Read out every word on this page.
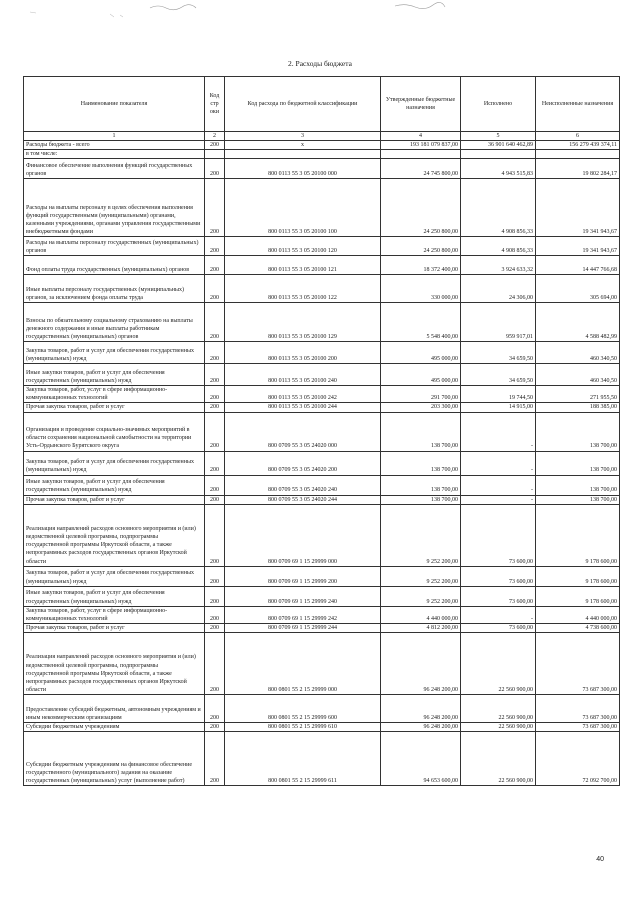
2. Расходы бюджета
Наименование показателя	Код стр оки	Код расхода по бюджетной классификации	Утвержденные бюджетные назначения	Исполнено	Неисполненные назначения
1	2	3	4	5	6
Расходы бюджета - всего	200	x	193 181 079 837,00	36 901 640 462,89	156 279 439 374,11
в том числе:					
Финансовое обеспечение выполнения функций государственных органов	200	800 0113 55 3 05 20100 000	24 745 800,00	4 943 515,83	19 802 284,17
Расходы на выплаты персоналу в целях обеспечения выполнения функций государственными (муниципальными) органами, казенными учреждениями, органами управления государственными внебюджетными фондами	200	800 0113 55 3 05 20100 100	24 250 800,00	4 908 856,33	19 341 943,67
Расходы на выплаты персоналу государственных (муниципальных) органов	200	800 0113 55 3 05 20100 120	24 250 800,00	4 908 856,33	19 341 943,67
Фонд оплаты труда государственных (муниципальных) органов	200	800 0113 55 3 05 20100 121	18 372 400,00	3 924 633,32	14 447 766,68
Иные выплаты персоналу государственных (муниципальных) органов, за исключением фонда оплаты труда	200	800 0113 55 3 05 20100 122	330 000,00	24 306,00	305 694,00
Взносы по обязательному социальному страхованию на выплаты денежного содержания и иные выплаты работникам государственных (муниципальных) органов	200	800 0113 55 3 05 20100 129	5 548 400,00	959 917,01	4 588 482,99
Закупка товаров, работ и услуг для обеспечения государственных (муниципальных) нужд	200	800 0113 55 3 05 20100 200	495 000,00	34 659,50	460 340,50
Иные закупки товаров, работ и услуг для обеспечения государственных (муниципальных) нужд	200	800 0113 55 3 05 20100 240	495 000,00	34 659,50	460 340,50
Закупка товаров, работ, услуг в сфере информационно-коммуникационных технологий	200	800 0113 55 3 05 20100 242	291 700,00	19 744,50	271 955,50
Прочая закупка товаров, работ и услуг	200	800 0113 55 3 05 20100 244	203 300,00	14 915,00	188 385,00
Организация и проведение социально-значимых мероприятий в области сохранения национальной самобытности на территории Усть-Ордынского Бурятского округа	200	800 0709 55 3 05 24020 000	138 700,00	-	138 700,00
Закупка товаров, работ и услуг для обеспечения государственных (муниципальных) нужд	200	800 0709 55 3 05 24020 200	138 700,00	-	138 700,00
Иные закупки товаров, работ и услуг для обеспечения государственных (муниципальных) нужд	200	800 0709 55 3 05 24020 240	138 700,00	-	138 700,00
Прочая закупка товаров, работ и услуг	200	800 0709 55 3 05 24020 244	138 700,00	-	138 700,00
Реализация направлений расходов основного мероприятия и (или) ведомственной целевой программы, подпрограммы государственной программы Иркутской области, а также непрограммных расходов государственных органов Иркутской области	200	800 0709 69 1 15 29999 000	9 252 200,00	73 600,00	9 178 600,00
Закупка товаров, работ и услуг для обеспечения государственных (муниципальных) нужд	200	800 0709 69 1 15 29999 200	9 252 200,00	73 600,00	9 178 600,00
Иные закупки товаров, работ и услуг для обеспечения государственных (муниципальных) нужд	200	800 0709 69 1 15 29999 240	9 252 200,00	73 600,00	9 178 600,00
Закупка товаров, работ, услуг в сфере информационно-коммуникационных технологий	200	800 0709 69 1 15 29999 242	4 440 000,00	-	4 440 000,00
Прочая закупка товаров, работ и услуг	200	800 0709 69 1 15 29999 244	4 812 200,00	73 600,00	4 738 600,00
Реализация направлений расходов основного мероприятия и (или) ведомственной целевой программы, подпрограммы государственной программы Иркутской области, а также непрограммных расходов государственных органов Иркутской области	200	800 0801 55 2 15 29999 000	96 248 200,00	22 560 900,00	73 687 300,00
Предоставление субсидий бюджетным, автономным учреждениям и иным некоммерческим организациям	200	800 0801 55 2 15 29999 600	96 248 200,00	22 560 900,00	73 687 300,00
Субсидии бюджетным учреждениям	200	800 0801 55 2 15 29999 610	96 248 200,00	22 560 900,00	73 687 300,00
Субсидии бюджетным учреждениям на финансовое обеспечение государственного (муниципального) задания на оказание государственных (муниципальных) услуг (выполнение работ)	200	800 0801 55 2 15 29999 611	94 653 600,00	22 560 900,00	72 092 700,00
40
